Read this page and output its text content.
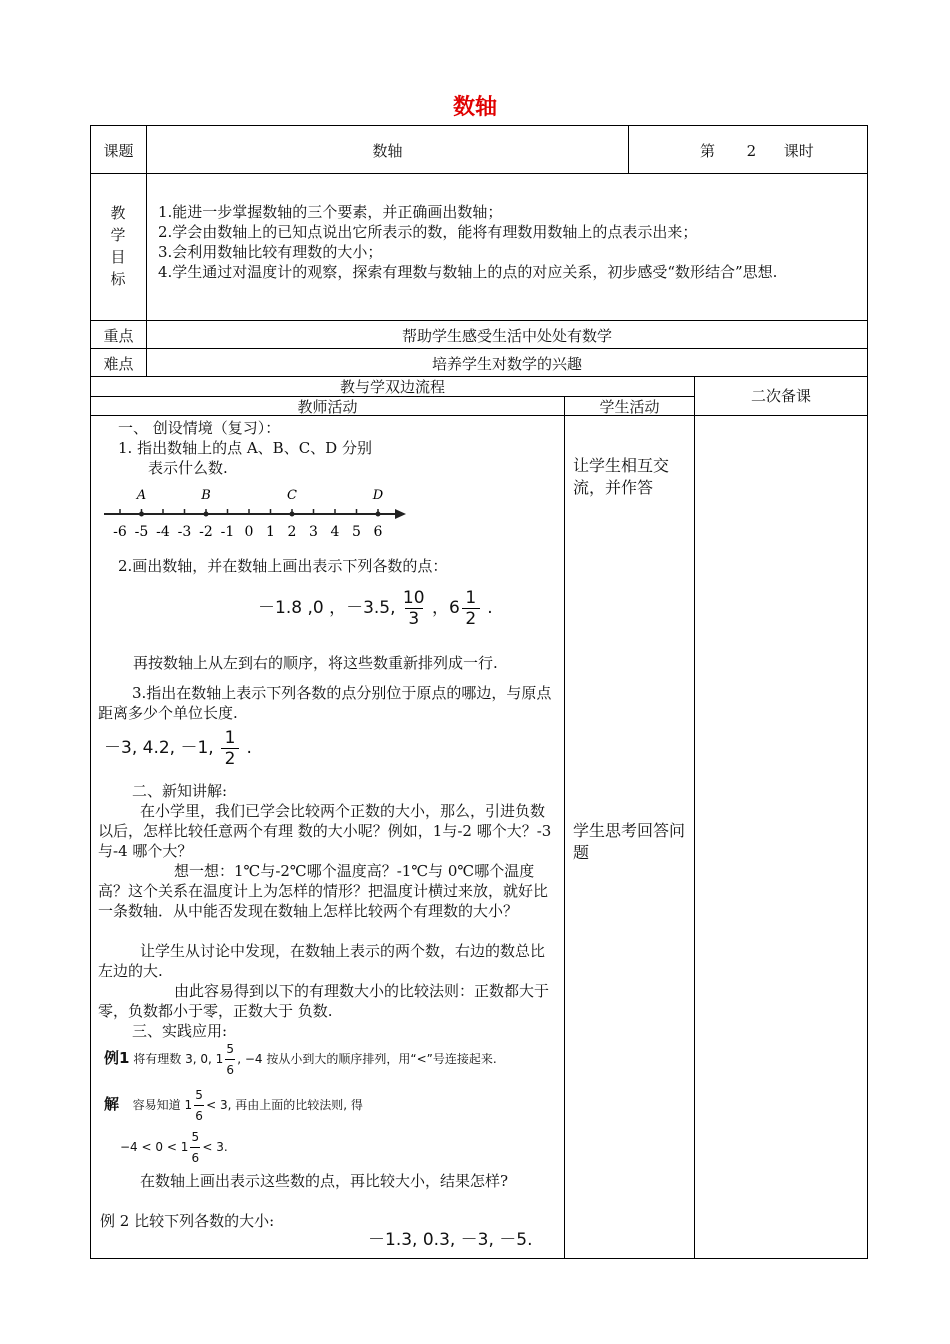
数轴
课题	数轴	第 2 课时
教
学
目
标
1.能进一步掌握数轴的三个要素，并正确画出数轴；
2.学会由数轴上的已知点说出它所表示的数，能将有理数用数轴上的点表示出来；
3.会利用数轴比较有理数的大小；
4.学生通过对温度计的观察，探索有理数与数轴上的点的对应关系，初步感受“数形结合”思想.
重点	帮助学生感受生活中处处有数学
难点	培养学生对数学的兴趣
教与学双边流程
教师活动	学生活动
二次备课
一、 创设情境（复习）：
1. 指出数轴上的点 A、B、C、D 分别
表示什么数.
-6 -5 -4 -3 -2 -1 0 1 2 3 4 5 6
A	B	C	D
2.画出数轴，并在数轴上画出表示下列各数的点：
－1.8 ,0 ，－3.5, $\frac{10}{3}$ ，$6 \frac{1}{2}$ .
再按数轴上从左到右的顺序，将这些数重新排列成一行.
3.指出在数轴上表示下列各数的点分别位于原点的哪边，与原点距离多少个单位长度.
－3, 4.2, －1, $\frac{1}{2}$ .
二、新知讲解:
在小学里，我们已学会比较两个正数的大小，那么，引进负数以后，怎样比较任意两个有理 数的大小呢？例如，1与-2 哪个大？-3 与-4 哪个大？
想一想：1℃与-2℃哪个温度高？-1℃与 0℃哪个温度高？这个关系在温度计上为怎样的情形？把温度计横过来放，就好比一条数轴．从中能否发现在数轴上怎样比较两个有理数的大小？
让学生从讨论中发现，在数轴上表示的两个数，右边的数总比左边的大.
由此容易得到以下的有理数大小的比较法则：正数都大于零，负数都小于零，正数大于 负数.
三、实践应用:
例1 将有理数 3, 0, $1 \frac{5}{6}$ , −4 按从小到大的顺序排列，用“<”号连接起来.
解 容易知道 $1 \frac{5}{6} < 3$, 再由上面的比较法则, 得
$-4 < 0 < 1 \frac{5}{6} < 3$.
在数轴上画出表示这些数的点，再比较大小，结果怎样?
例 2 比较下列各数的大小:
－1.3, 0.3, －3, －5.
让学生相互交流，并作答
学生思考回答问题
